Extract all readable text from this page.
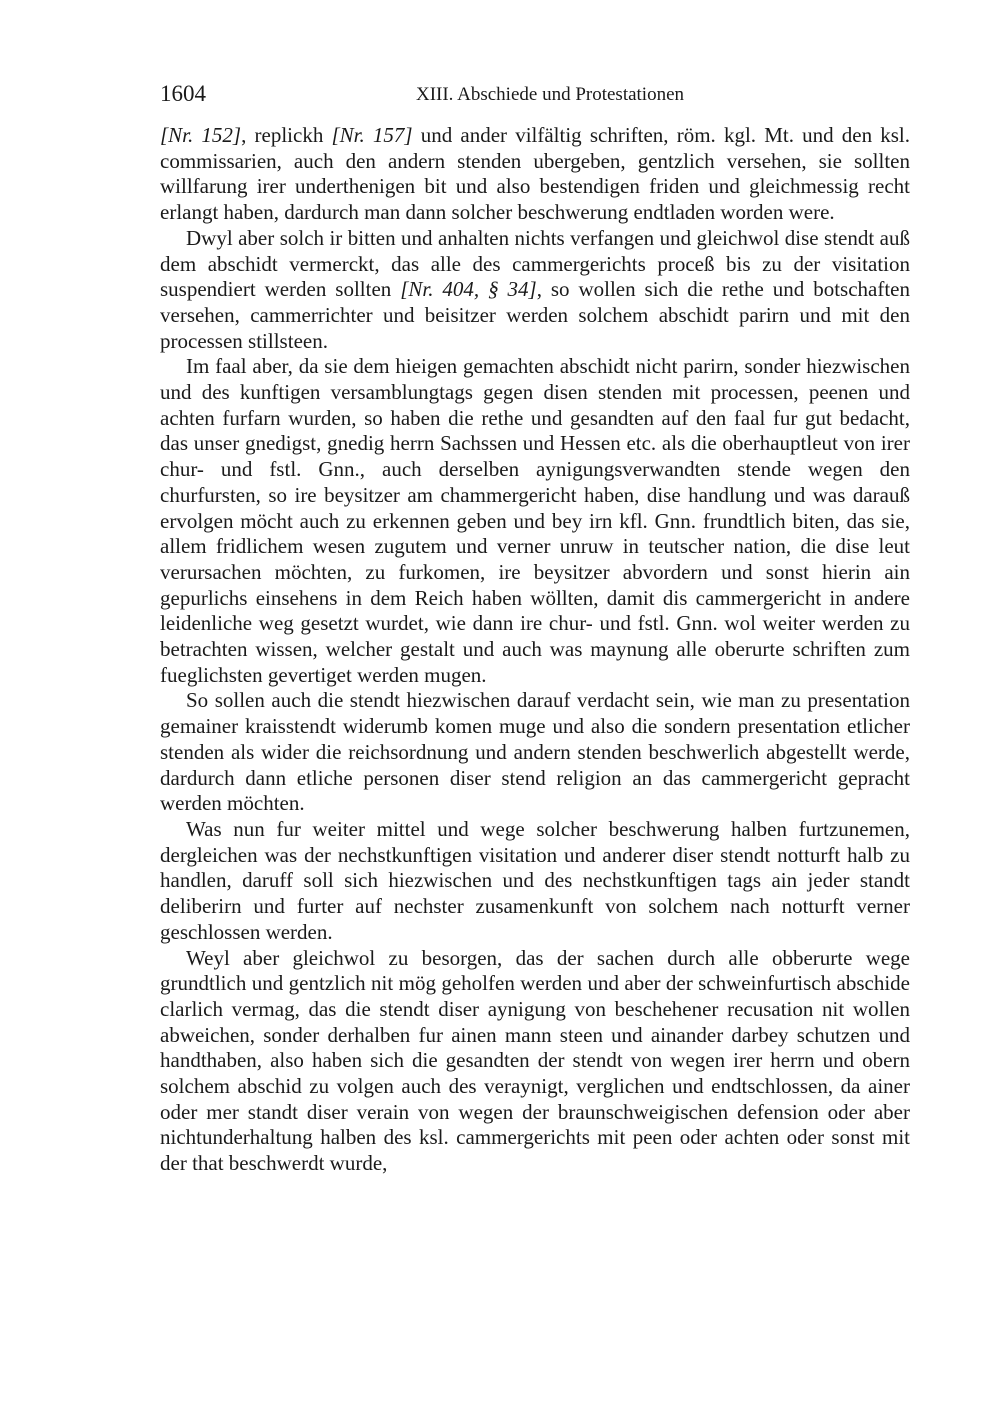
1604	XIII. Abschiede und Protestationen

[Nr. 152], replickh [Nr. 157] und ander vilfältig schriften, röm. kgl. Mt. und den ksl. commissarien, auch den andern stenden ubergeben, gentzlich versehen, sie sollten willfarung irer underthenigen bit und also bestendigen friden und gleichmessig recht erlangt haben, dardurch man dann solcher beschwerung endtladen worden were.

Dwyl aber solch ir bitten und anhalten nichts verfangen und gleichwol dise stendt auß dem abschidt vermerckt, das alle des cammergerichts proceß bis zu der visitation suspendiert werden sollten [Nr. 404, § 34], so wollen sich die rethe und botschaften versehen, cammerrichter und beisitzer werden solchem abschidt parirn und mit den processen stillsteen.

Im faal aber, da sie dem hieigen gemachten abschidt nicht parirn, sonder hiezwischen und des kunftigen versamblungtags gegen disen stenden mit processen, peenen und achten furfarn wurden, so haben die rethe und gesandten auf den faal fur gut bedacht, das unser gnedigst, gnedig herrn Sachssen und Hessen etc. als die oberhauptleut von irer chur- und fstl. Gnn., auch derselben aynigungsverwandten stende wegen den churfursten, so ire beysitzer am chammergericht haben, dise handlung und was darauß ervolgen möcht auch zu erkennen geben und bey irn kfl. Gnn. frundtlich biten, das sie, allem fridlichem wesen zugutem und verner unruw in teutscher nation, die dise leut verursachen möchten, zu furkomen, ire beysitzer abvordern und sonst hierin ain gepurlichs einsehens in dem Reich haben wöllten, damit dis cammergericht in andere leidenliche weg gesetzt wurdet, wie dann ire chur- und fstl. Gnn. wol weiter werden zu betrachten wissen, welcher gestalt und auch was maynung alle oberurte schriften zum fueglichsten gevertiget werden mugen.

So sollen auch die stendt hiezwischen darauf verdacht sein, wie man zu presentation gemainer kraisstendt widerumb komen muge und also die sondern presentation etlicher stenden als wider die reichsordnung und andern stenden beschwerlich abgestellt werde, dardurch dann etliche personen diser stend religion an das cammergericht gepracht werden möchten.

Was nun fur weiter mittel und wege solcher beschwerung halben furtzunemen, dergleichen was der nechstkunftigen visitation und anderer diser stendt notturft halb zu handlen, daruff soll sich hiezwischen und des nechstkunftigen tags ain jeder standt deliberirn und furter auf nechster zusamenkunft von solchem nach notturft verner geschlossen werden.

Weyl aber gleichwol zu besorgen, das der sachen durch alle obberurte wege grundtlich und gentzlich nit mög geholfen werden und aber der schweinfurtisch abschide clarlich vermag, das die stendt diser aynigung von beschehener recusation nit wollen abweichen, sonder derhalben fur ainen mann steen und ainander darbey schutzen und handthaben, also haben sich die gesandten der stendt von wegen irer herrn und obern solchem abschid zu volgen auch des veraynigt, verglichen und endtschlossen, da ainer oder mer standt diser verain von wegen der braunschweigischen defension oder aber nichtunderhaltung halben des ksl. cammergerichts mit peen oder achten oder sonst mit der that beschwerdt wurde,
